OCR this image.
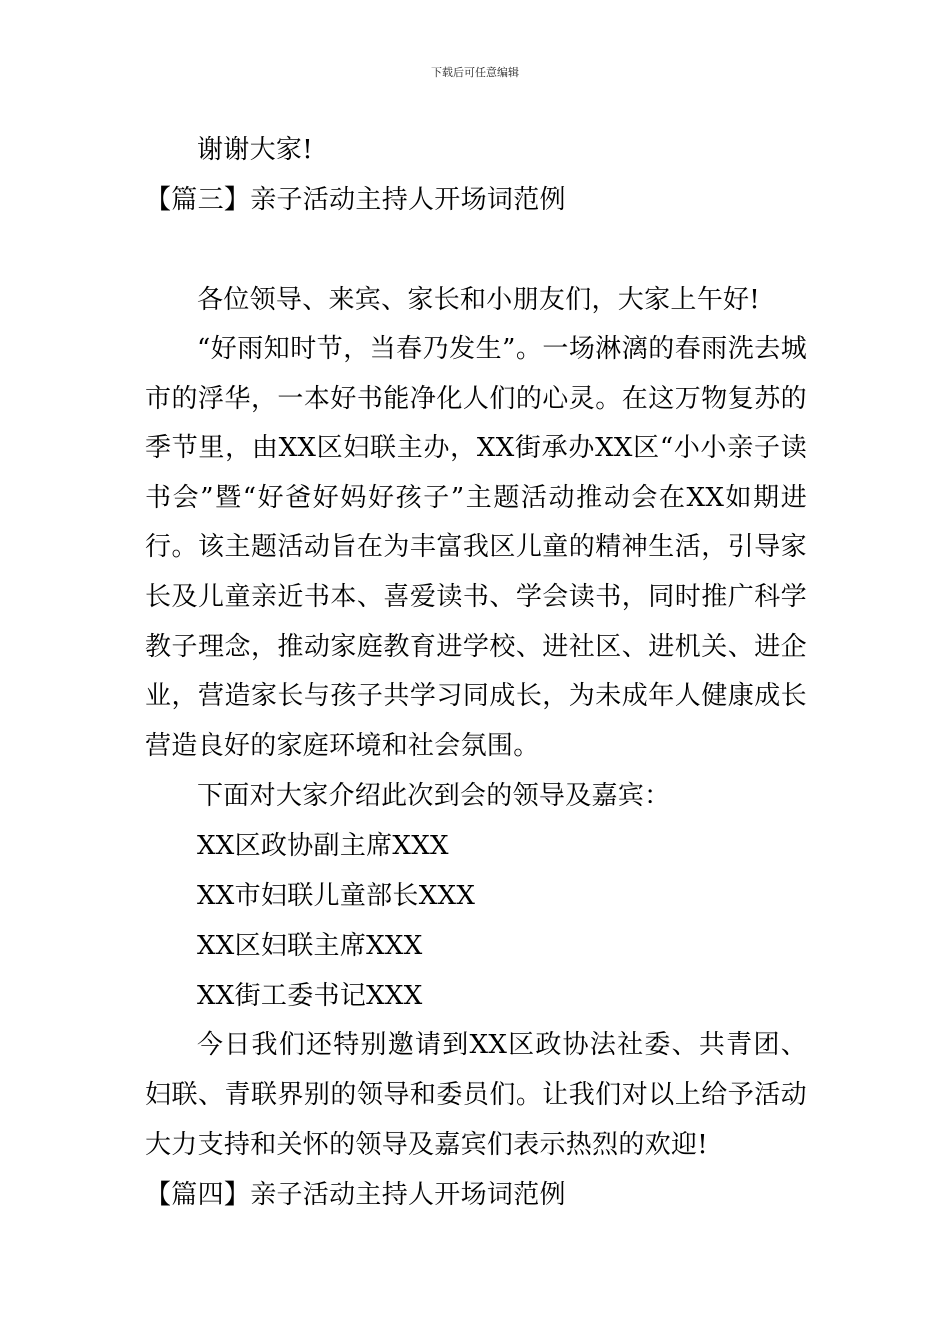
下载后可任意编辑
谢谢大家!
【篇三】亲子活动主持人开场词范例
各位领导、来宾、家长和小朋友们，大家上午好!
“好雨知时节，当春乃发生”。一场淋漓的春雨洗去城市的浮华，一本好书能净化人们的心灵。在这万物复苏的季节里，由XX区妇联主办，XX街承办XX区“小小亲子读书会”暨“好爸好妈好孩子”主题活动推动会在XX如期进行。该主题活动旨在为丰富我区儿童的精神生活，引导家长及儿童亲近书本、喜爱读书、学会读书，同时推广科学教子理念，推动家庭教育进学校、进社区、进机关、进企业，营造家长与孩子共学习同成长，为未成年人健康成长营造良好的家庭环境和社会氛围。
下面对大家介绍此次到会的领导及嘉宾：
XX区政协副主席XXX
XX市妇联儿童部长XXX
XX区妇联主席XXX
XX街工委书记XXX
今日我们还特别邀请到XX区政协法社委、共青团、妇联、青联界别的领导和委员们。让我们对以上给予活动大力支持和关怀的领导及嘉宾们表示热烈的欢迎!
【篇四】亲子活动主持人开场词范例
